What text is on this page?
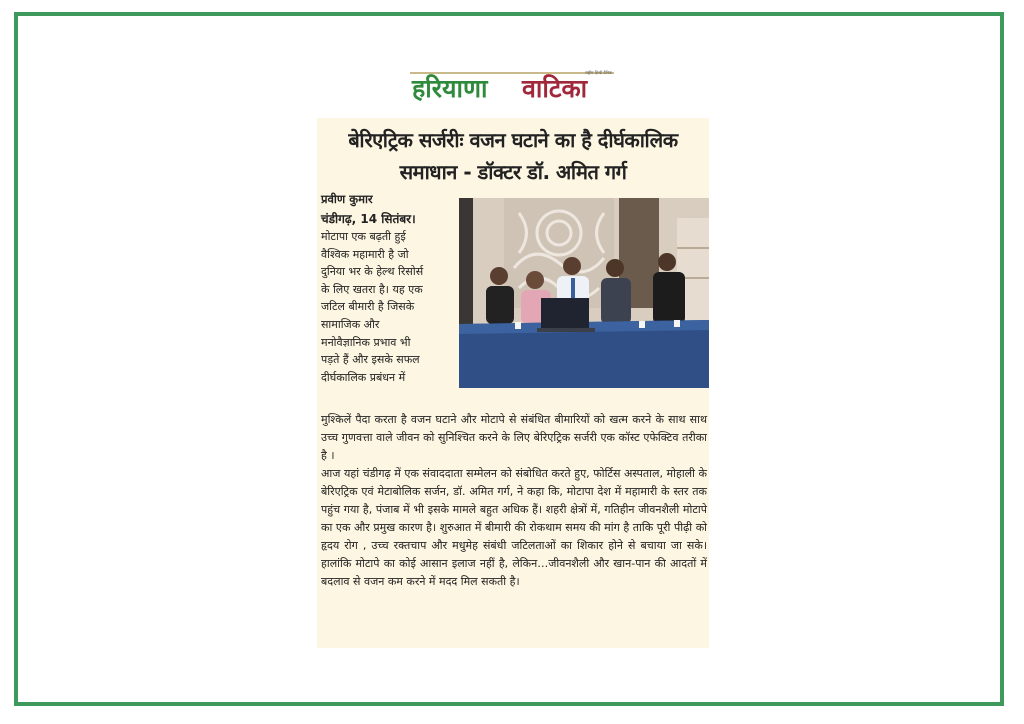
राष्ट्रीय हिन्दी दैनिक
हरियाणा वाटिका
बेरिएट्रिक सर्जरीः वजन घटाने का है दीर्घकालिक
समाधान - डॉक्टर डॉ. अमित गर्ग
प्रवीण कुमार
चंडीगढ़, 14 सितंबर।
मोटापा एक बढ़ती हुई
वैश्विक महामारी है जो
दुनिया भर के हेल्थ रिसोर्स
के लिए खतरा है। यह एक
जटिल बीमारी है जिसके
सामाजिक और
मनोवैज्ञानिक प्रभाव भी
पड़ते हैं और इसके सफल
दीर्घकालिक प्रबंधन में

मुश्किलें पैदा करता है वजन घटाने और मोटापे से संबंधित बीमारियों को खत्म करने के साथ साथ उच्च गुणवत्ता वाले जीवन को सुनिश्चित करने के लिए बेरिएट्रिक सर्जरी एक कॉस्ट एफेक्टिव तरीका है ।

आज यहां चंडीगढ़ में एक संवाददाता सम्मेलन को संबोधित करते हुए, फोर्टिस अस्पताल, मोहाली के बेरिएट्रिक एवं मेटाबोलिक सर्जन, डॉ. अमित गर्ग, ने कहा कि, मोटापा देश में महामारी के स्तर तक पहुंच गया है, पंजाब में भी इसके मामले बहुत अधिक हैं। शहरी क्षेत्रों में, गतिहीन जीवनशैली मोटापे का एक और प्रमुख कारण है। शुरुआत में बीमारी की रोकथाम समय की मांग है ताकि पूरी पीढ़ी को हृदय रोग , उच्च रक्तचाप और मधुमेह संबंधी जटिलताओं का शिकार होने से बचाया जा सके। हालांकि मोटापे का कोई आसान इलाज नहीं है, लेकिन…जीवनशैली और खान-पान की आदतों में बदलाव से वजन कम करने में मदद मिल सकती है।
